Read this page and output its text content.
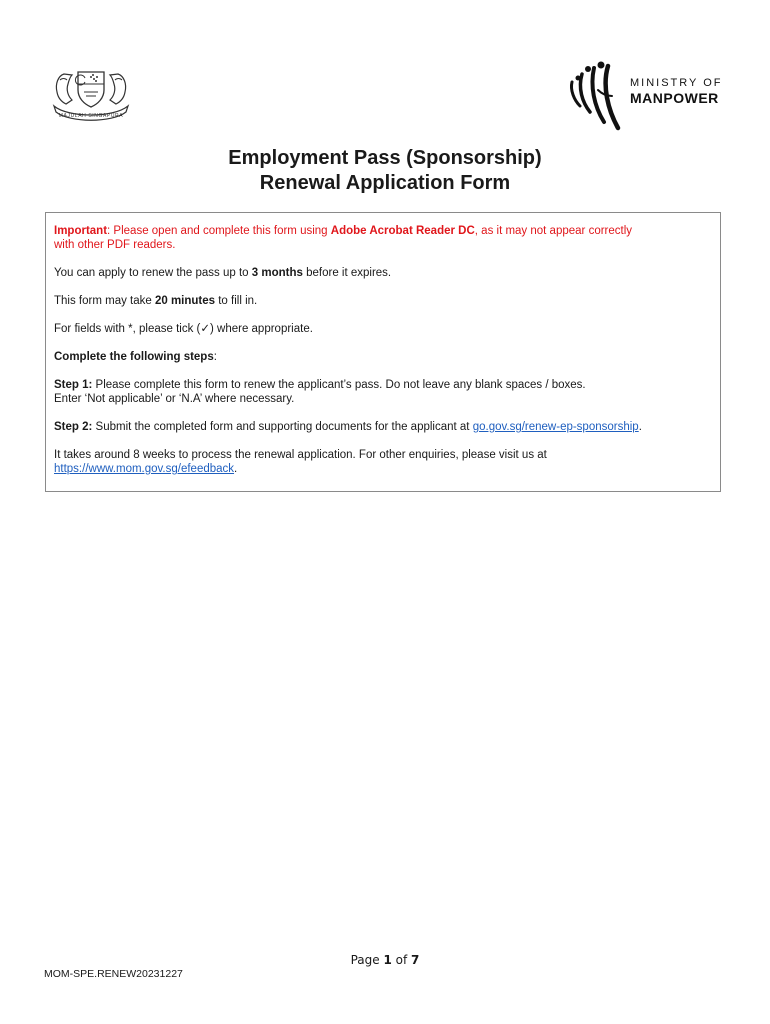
MAJULAH SINGAPURA
MINISTRY OF
MANPOWER
Employment Pass (Sponsorship)
Renewal Application Form

Important: Please open and complete this form using Adobe Acrobat Reader DC, as it may not appear correctly
with other PDF readers.

You can apply to renew the pass up to 3 months before it expires.

This form may take 20 minutes to fill in.

For fields with *, please tick (✓) where appropriate.

Complete the following steps:

Step 1: Please complete this form to renew the applicant’s pass. Do not leave any blank spaces / boxes.
Enter ‘Not applicable’ or ‘N.A’ where necessary.

Step 2: Submit the completed form and supporting documents for the applicant at go.gov.sg/renew-ep-sponsorship.

It takes around 8 weeks to process the renewal application. For other enquiries, please visit us at
https://www.mom.gov.sg/efeedback.

Page 1 of 7
MOM-SPE.RENEW20231227
